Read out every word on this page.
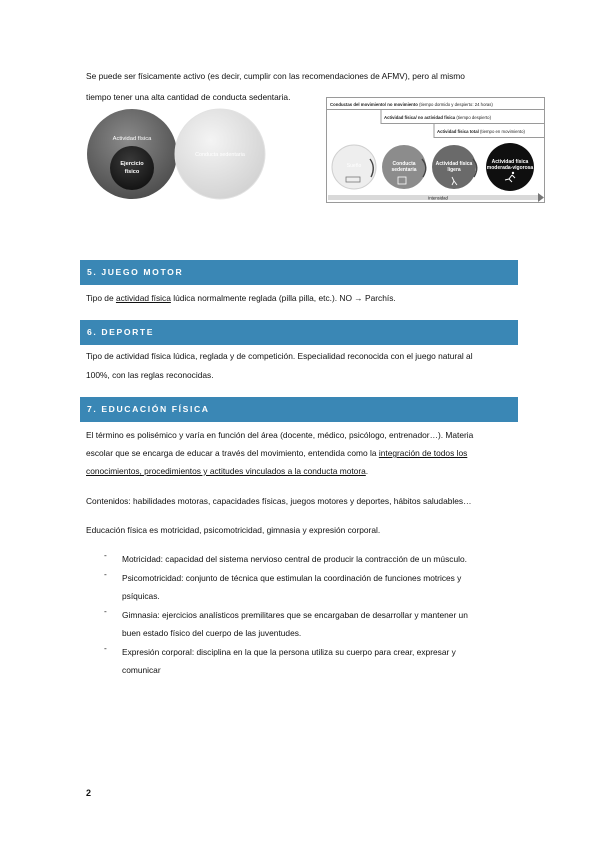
Se puede ser físicamente activo (es decir, cumplir con las recomendaciones de AFMV), pero al mismo
tiempo tener una alta cantidad de conducta sedentaria.
Actividad física
Ejercicio
físico
Conducta sedentaria
Conductas del movimiento/ no movimiento (tiempo dormido y despierto: 24 horas)
Actividad física/ no actividad física (tiempo despierto)
Actividad física total (tiempo en movimiento)
Sueño	Conducta
sedentaria
Actividad física
ligera
Actividad física
moderada-vigorosa
Intensidad
5. JUEGO MOTOR
Tipo de actividad física lúdica normalmente reglada (pilla pilla, etc.). NO → Parchís.
6. DEPORTE
Tipo de actividad física lúdica, reglada y de competición. Especialidad reconocida con el juego natural al
100%, con las reglas reconocidas.
7. EDUCACIÓN FÍSICA
El término es polisémico y varía en función del área (docente, médico, psicólogo, entrenador…). Materia
escolar que se encarga de educar a través del movimiento, entendida como la integración de todos los
conocimientos, procedimientos y actitudes vinculados a la conducta motora.
Contenidos: habilidades motoras, capacidades físicas, juegos motores y deportes, hábitos saludables…
Educación física es motricidad, psicomotricidad, gimnasia y expresión corporal.
- Motricidad: capacidad del sistema nervioso central de producir la contracción de un músculo.
- Psicomotricidad: conjunto de técnica que estimulan la coordinación de funciones motrices y
psíquicas.
- Gimnasia: ejercicios analísticos premilitares que se encargaban de desarrollar y mantener un
buen estado físico del cuerpo de las juventudes.
- Expresión corporal: disciplina en la que la persona utiliza su cuerpo para crear, expresar y
comunicar
2
